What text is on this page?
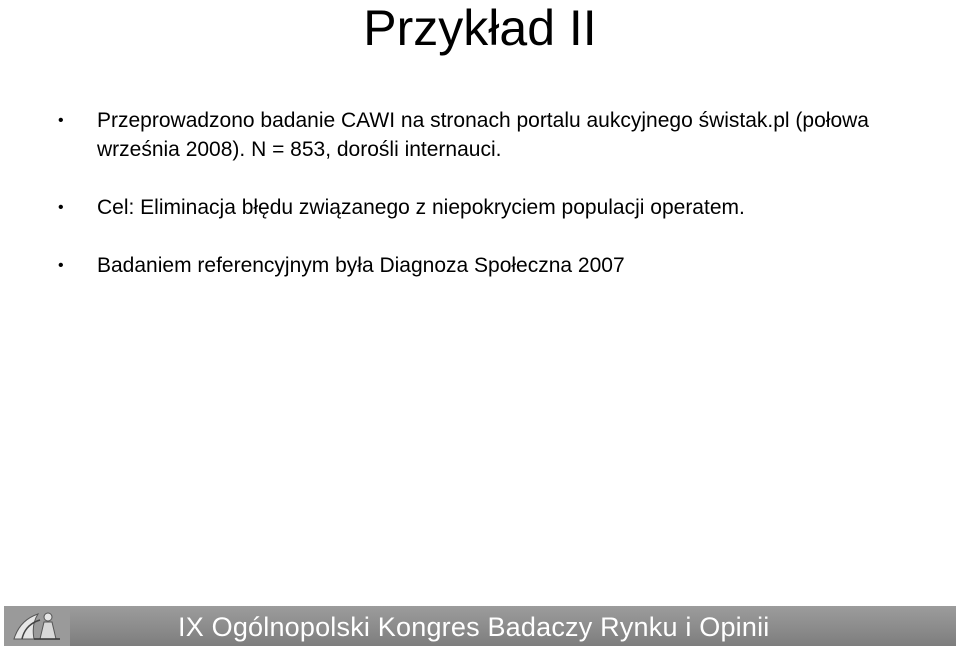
Przykład II
• Przeprowadzono badanie CAWI na stronach portalu aukcyjnego świstak.pl (połowa września 2008). N = 853, dorośli internauci.
• Cel: Eliminacja błędu związanego z niepokryciem populacji operatem.
• Badaniem referencyjnym była Diagnoza Społeczna 2007
IX Ogólnopolski Kongres Badaczy Rynku i Opinii
